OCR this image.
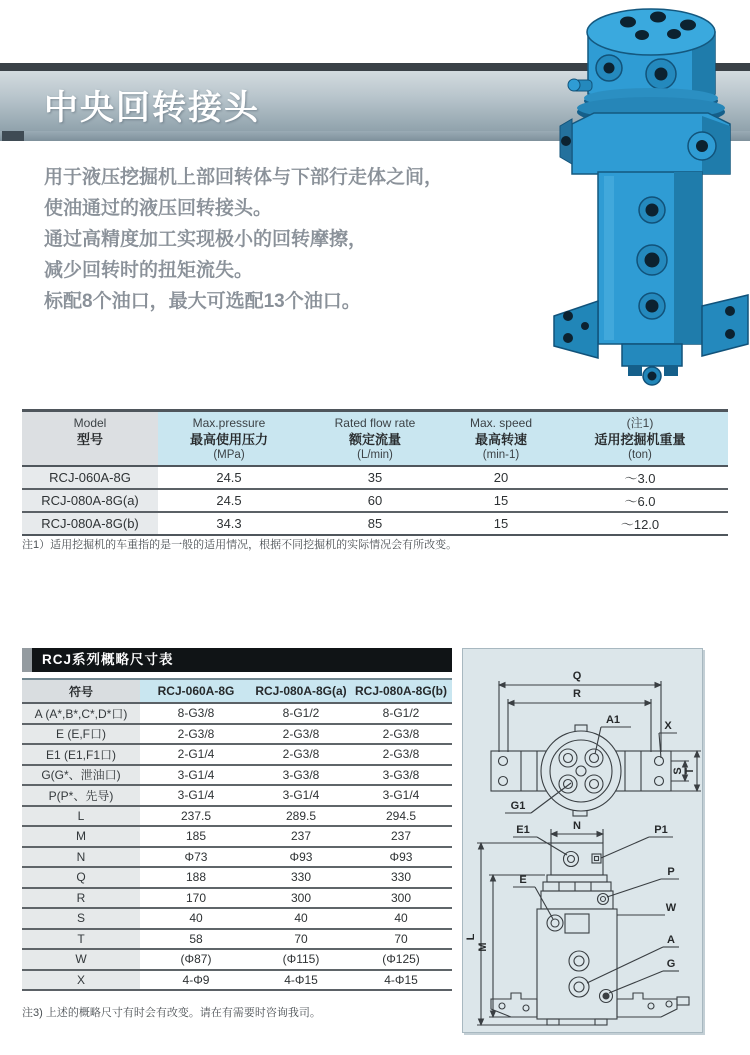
中央回转接头
用于液压挖掘机上部回转体与下部行走体之间，
使油通过的液压回转接头。
通过高精度加工实现极小的回转摩擦，
减少回转时的扭矩流失。
标配8个油口，最大可选配13个油口。
Model
型号

Max.pressure
最高使用压力
(MPa)

Rated flow rate
额定流量
(L/min)

Max. speed
最高转速
(min-1)

(注1)
适用挖掘机重量
(ton)

RCJ-060A-8G	24.5	35	20	～3.0
RCJ-080A-8G(a)	24.5	60	15	～6.0
RCJ-080A-8G(b)	34.3	85	15	～12.0
注1）适用挖掘机的车重指的是一般的适用情况，根据不同挖掘机的实际情况会有所改变。
RCJ系列概略尺寸表
符号	RCJ-060A-8G	RCJ-080A-8G(a)	RCJ-080A-8G(b)
A (A*,B*,C*,D*口)	8-G3/8	8-G1/2	8-G1/2
E (E,F口)	2-G3/8	2-G3/8	2-G3/8
E1 (E1,F1口)	2-G1/4	2-G3/8	2-G3/8
G(G*、泄油口)	3-G1/4	3-G3/8	3-G3/8
P(P*、先导)	3-G1/4	3-G1/4	3-G1/4
L	237.5	289.5	294.5
M	185	237	237
N	Φ73	Φ93	Φ93
Q	188	330	330
R	170	300	300
S	40	40	40
T	58	70	70
W	(Φ87)	(Φ115)	(Φ125)
X	4-Φ9	4-Φ15	4-Φ15
注3) 上述的概略尺寸有时会有改变。请在有需要时咨询我司。
Q
R
A1	X
G1
S T
E1	N	P1
E
P
W
A
G
L
M
